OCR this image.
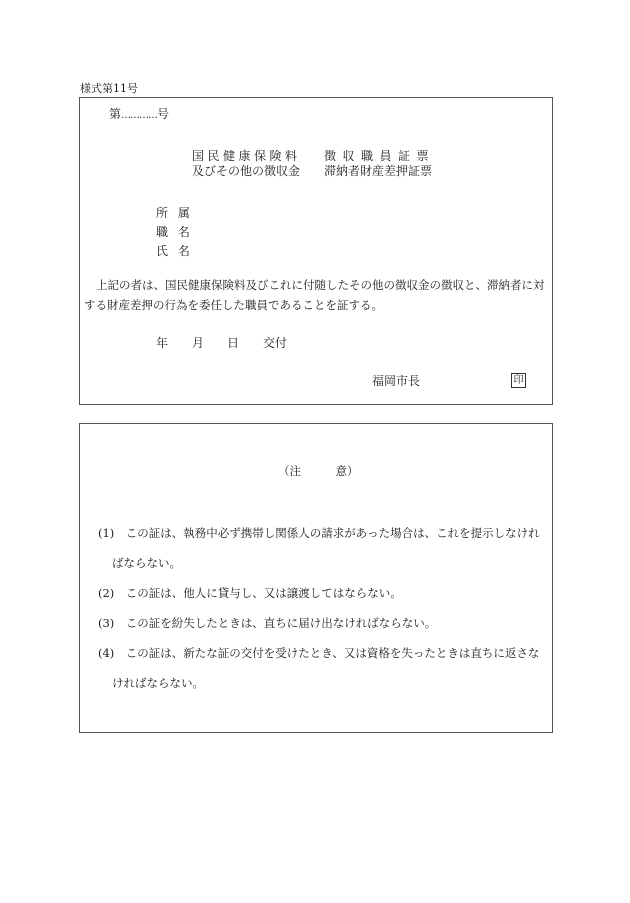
様式第11号
第…………号
国民健康保険料
及びその他の徴収金
徴収職員証票
滞納者財産差押証票
所 属
職 名
氏 名
上記の者は、国民健康保険料及びこれに付随したその他の徴収金の徴収と、滞納者に対
する財産差押の行為を委任した職員であることを証する。
年 月 日 交付
福岡市長	印
（注　　　意）
(1)　この証は、執務中必ず携帯し関係人の請求があった場合は、これを提示しなけれ
ばならない。
(2)　この証は、他人に貸与し、又は譲渡してはならない。
(3)　この証を紛失したときは、直ちに届け出なければならない。
(4)　この証は、新たな証の交付を受けたとき、又は資格を失ったときは直ちに返さな
ければならない。
